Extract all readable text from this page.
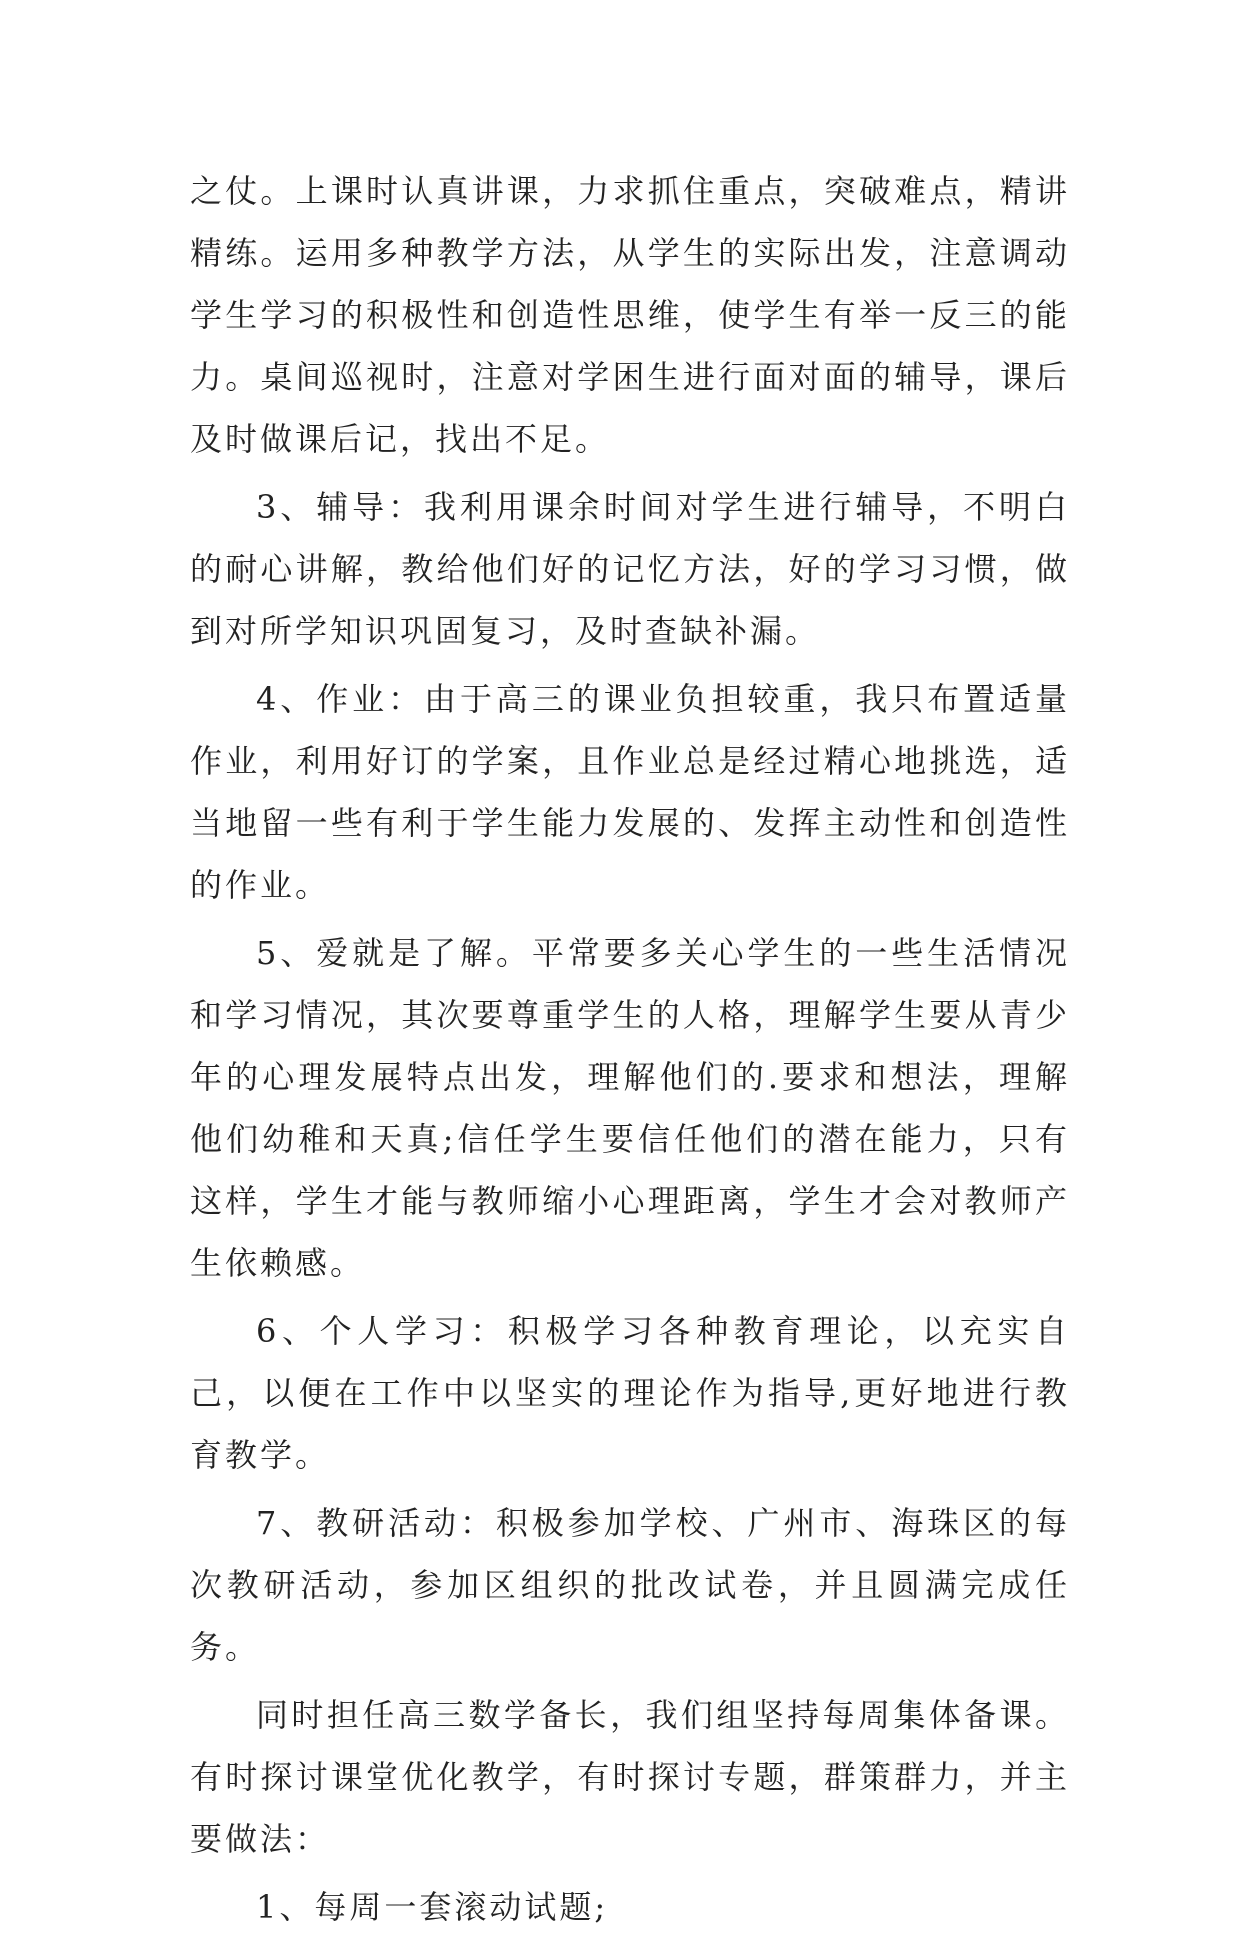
之仗。上课时认真讲课，力求抓住重点，突破难点，精讲精练。运用多种教学方法，从学生的实际出发，注意调动学生学习的积极性和创造性思维，使学生有举一反三的能力。桌间巡视时，注意对学困生进行面对面的辅导，课后及时做课后记，找出不足。

3、辅导：我利用课余时间对学生进行辅导，不明白的耐心讲解，教给他们好的记忆方法，好的学习习惯，做到对所学知识巩固复习，及时查缺补漏。

4、作业：由于高三的课业负担较重，我只布置适量作业，利用好订的学案，且作业总是经过精心地挑选，适当地留一些有利于学生能力发展的、发挥主动性和创造性的作业。

5、爱就是了解。平常要多关心学生的一些生活情况和学习情况，其次要尊重学生的人格，理解学生要从青少年的心理发展特点出发，理解他们的.要求和想法，理解他们幼稚和天真;信任学生要信任他们的潜在能力，只有这样，学生才能与教师缩小心理距离，学生才会对教师产生依赖感。

6、个人学习：积极学习各种教育理论，以充实自己，以便在工作中以坚实的理论作为指导,更好地进行教育教学。

7、教研活动：积极参加学校、广州市、海珠区的每次教研活动，参加区组织的批改试卷，并且圆满完成任务。

同时担任高三数学备长，我们组坚持每周集体备课。有时探讨课堂优化教学，有时探讨专题，群策群力，并主要做法：

1、每周一套滚动试题;
